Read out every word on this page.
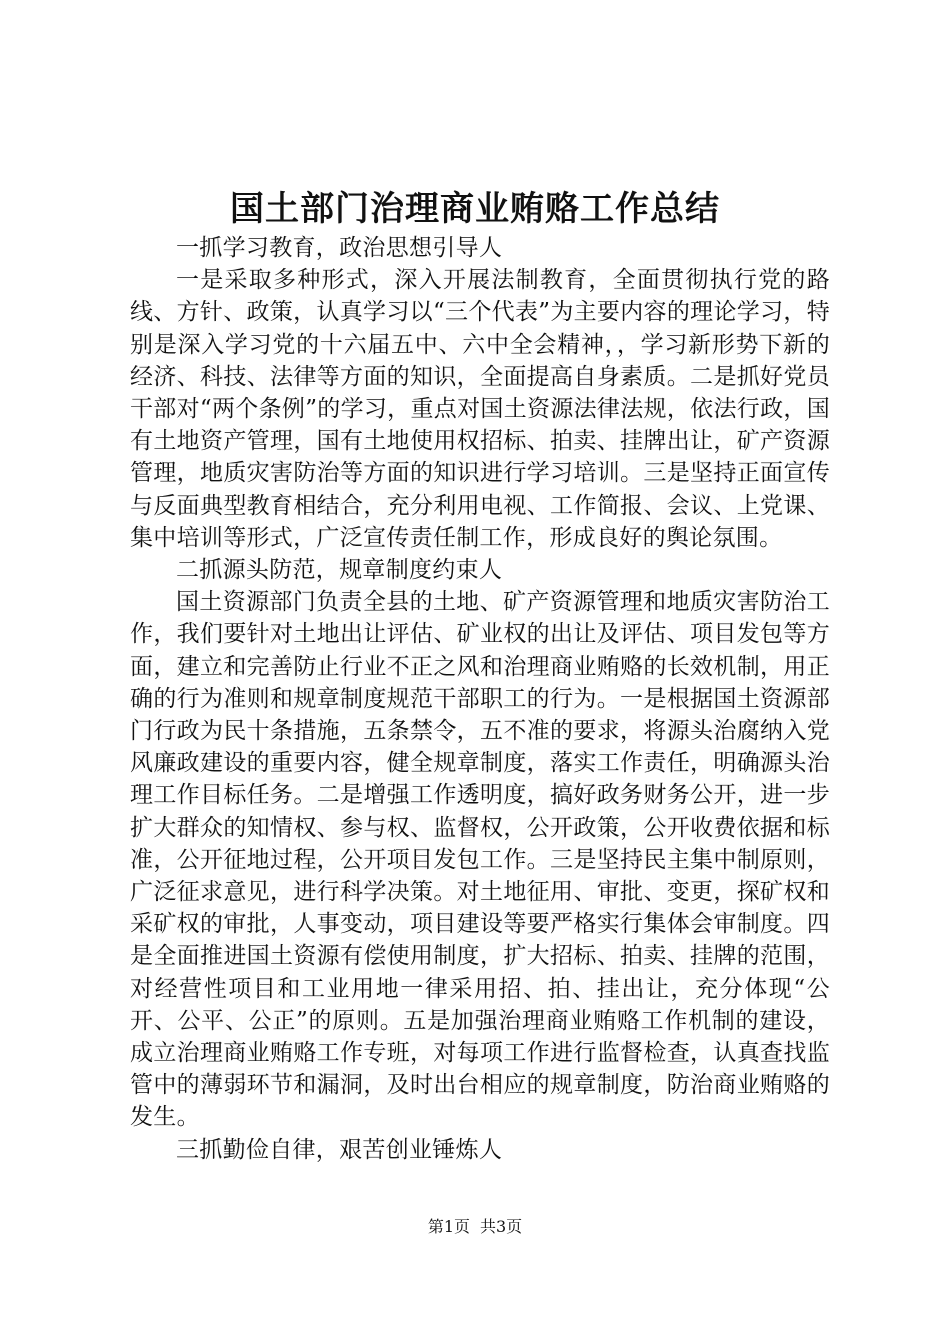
国土部门治理商业贿赂工作总结

一抓学习教育，政治思想引导人

一是采取多种形式，深入开展法制教育，全面贯彻执行党的路线、方针、政策，认真学习以“三个代表”为主要内容的理论学习，特别是深入学习党的十六届五中、六中全会精神，，学习新形势下新的经济、科技、法律等方面的知识，全面提高自身素质。二是抓好党员干部对“两个条例”的学习，重点对国土资源法律法规，依法行政，国有土地资产管理，国有土地使用权招标、拍卖、挂牌出让，矿产资源管理，地质灾害防治等方面的知识进行学习培训。三是坚持正面宣传与反面典型教育相结合，充分利用电视、工作简报、会议、上党课、集中培训等形式，广泛宣传责任制工作，形成良好的舆论氛围。

二抓源头防范，规章制度约束人

国土资源部门负责全县的土地、矿产资源管理和地质灾害防治工作，我们要针对土地出让评估、矿业权的出让及评估、项目发包等方面，建立和完善防止行业不正之风和治理商业贿赂的长效机制，用正确的行为准则和规章制度规范干部职工的行为。一是根据国土资源部门行政为民十条措施，五条禁令，五不准的要求，将源头治腐纳入党风廉政建设的重要内容，健全规章制度，落实工作责任，明确源头治理工作目标任务。二是增强工作透明度，搞好政务财务公开，进一步扩大群众的知情权、参与权、监督权，公开政策，公开收费依据和标准，公开征地过程，公开项目发包工作。三是坚持民主集中制原则，广泛征求意见，进行科学决策。对土地征用、审批、变更，探矿权和采矿权的审批，人事变动，项目建设等要严格实行集体会审制度。四是全面推进国土资源有偿使用制度，扩大招标、拍卖、挂牌的范围，对经营性项目和工业用地一律采用招、拍、挂出让，充分体现“公开、公平、公正”的原则。五是加强治理商业贿赂工作机制的建设，成立治理商业贿赂工作专班，对每项工作进行监督检查，认真查找监管中的薄弱环节和漏洞，及时出台相应的规章制度，防治商业贿赂的发生。

三抓勤俭自律，艰苦创业锤炼人

第1页 共3页
